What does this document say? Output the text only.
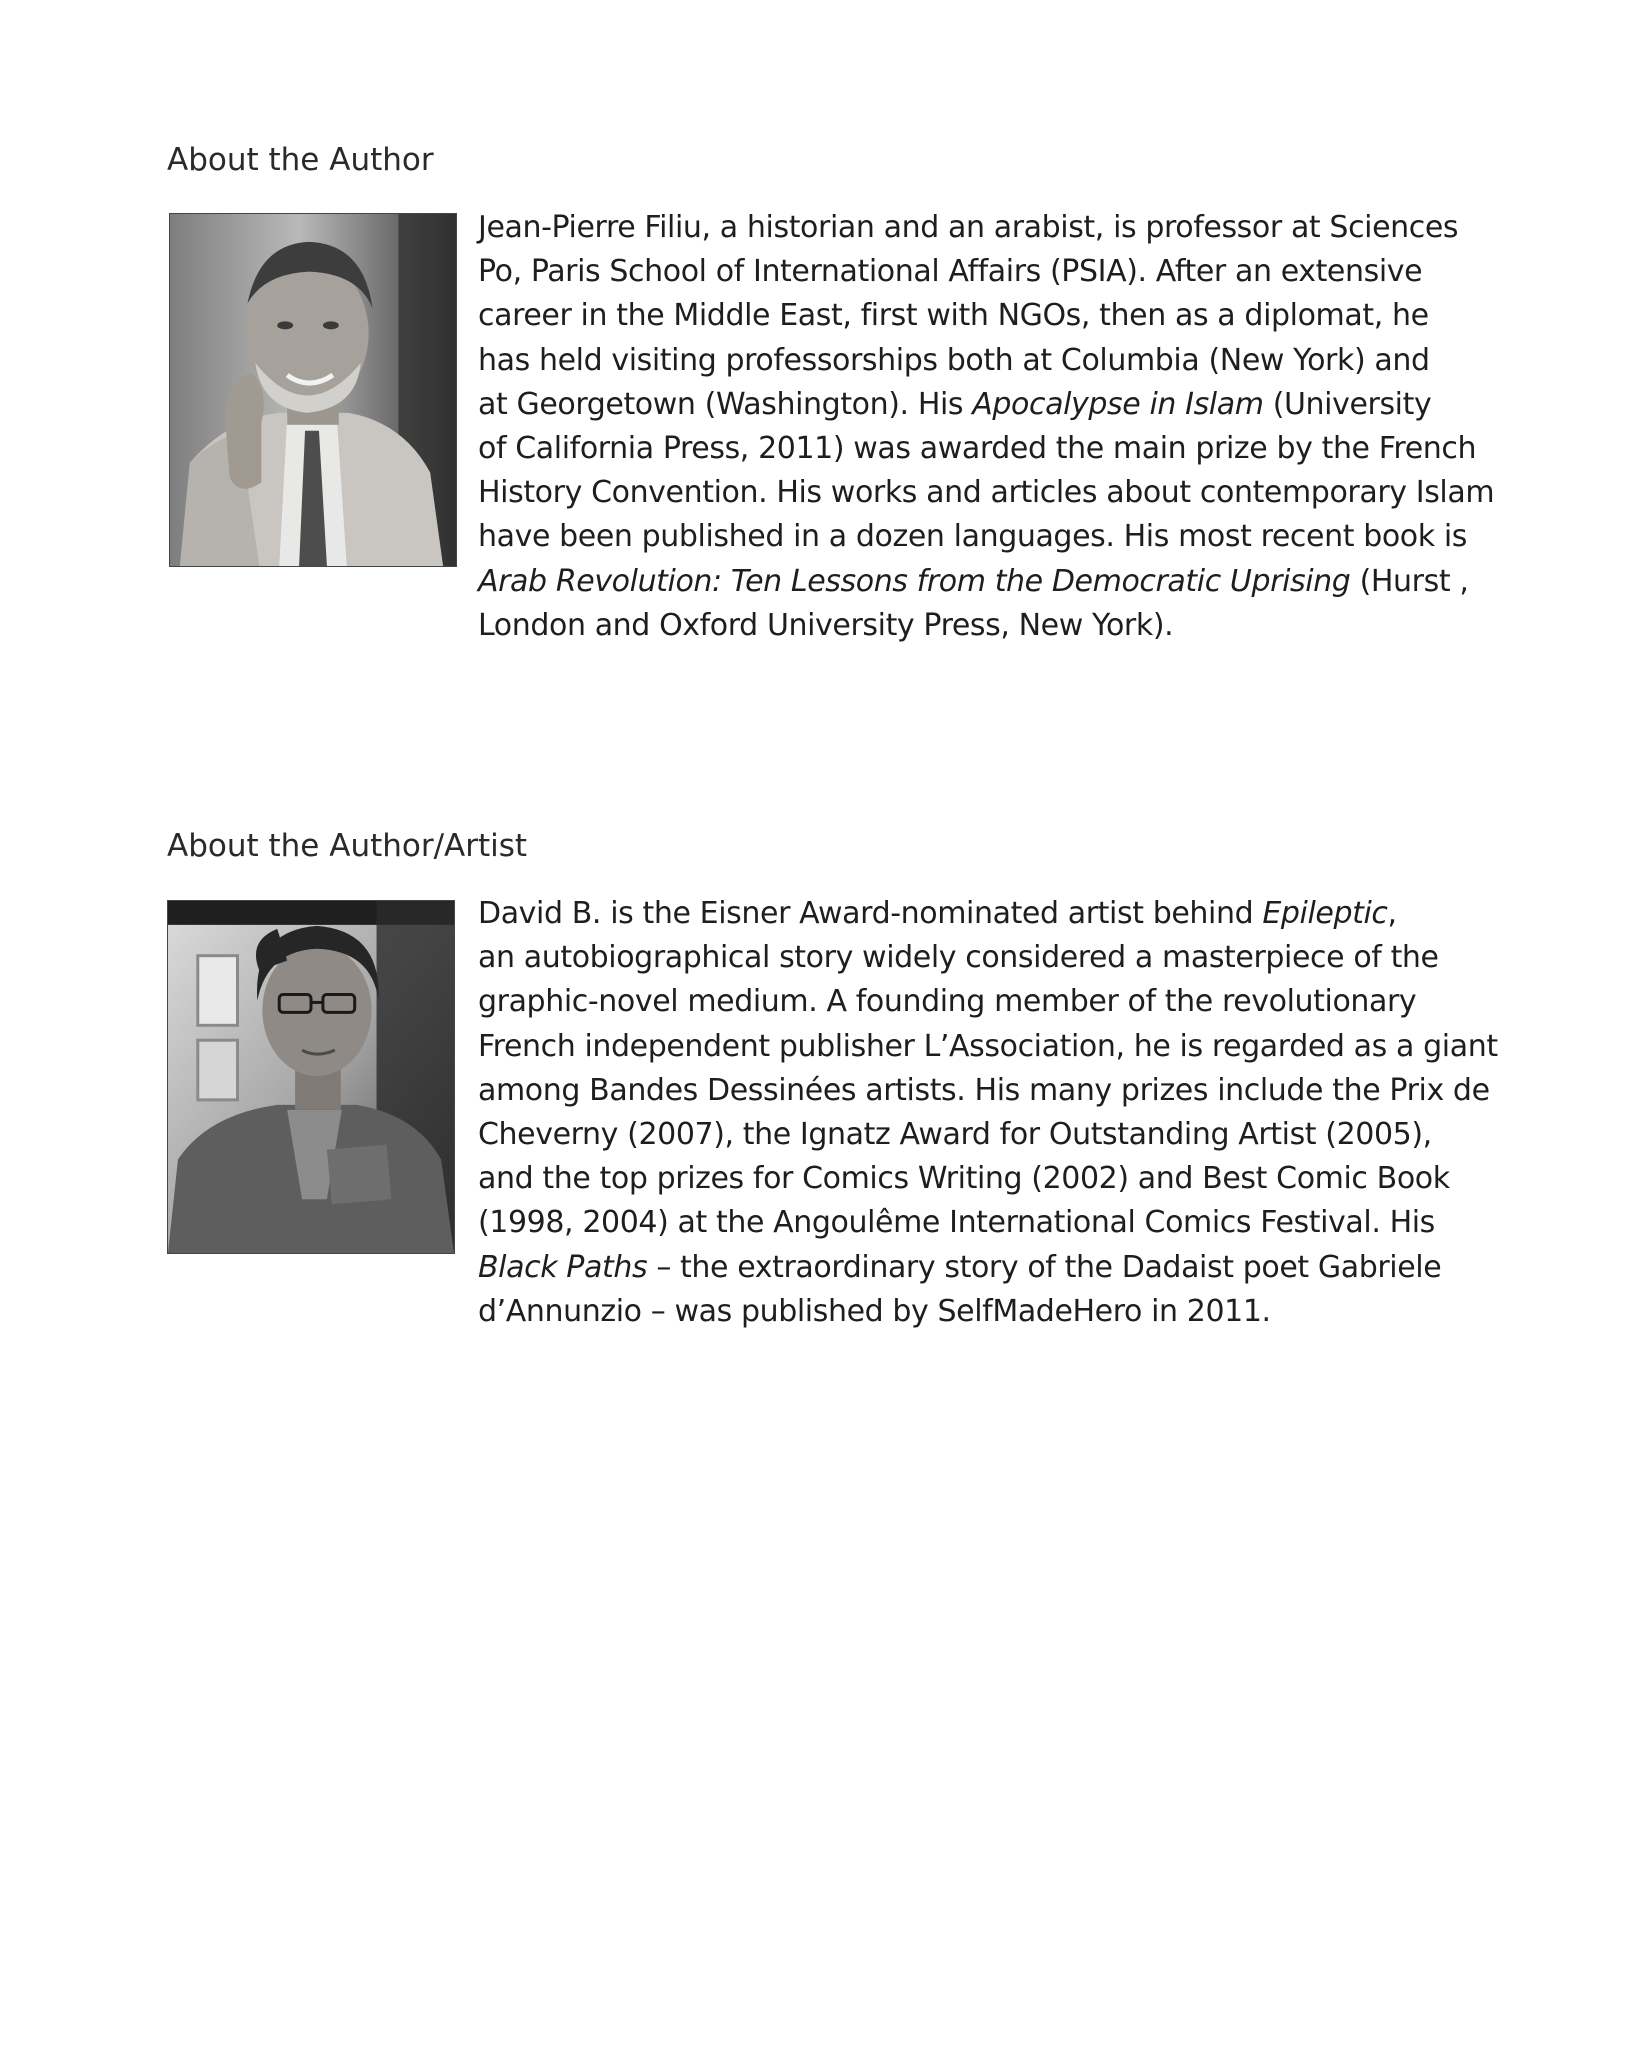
About the Author

Jean-Pierre Filiu, a historian and an arabist, is professor at Sciences
Po, Paris School of International Affairs (PSIA). After an extensive
career in the Middle East, first with NGOs, then as a diplomat, he
has held visiting professorships both at Columbia (New York) and
at Georgetown (Washington). His Apocalypse in Islam (University
of California Press, 2011) was awarded the main prize by the French
History Convention. His works and articles about contemporary Islam
have been published in a dozen languages. His most recent book is
Arab Revolution: Ten Lessons from the Democratic Uprising (Hurst ,
London and Oxford University Press, New York).

About the Author/Artist

David B. is the Eisner Award-nominated artist behind Epileptic,
an autobiographical story widely considered a masterpiece of the
graphic-novel medium. A founding member of the revolutionary
French independent publisher L’Association, he is regarded as a giant
among Bandes Dessinées artists. His many prizes include the Prix de
Cheverny (2007), the Ignatz Award for Outstanding Artist (2005),
and the top prizes for Comics Writing (2002) and Best Comic Book
(1998, 2004) at the Angoulême International Comics Festival. His
Black Paths – the extraordinary story of the Dadaist poet Gabriele
d’Annunzio – was published by SelfMadeHero in 2011.
